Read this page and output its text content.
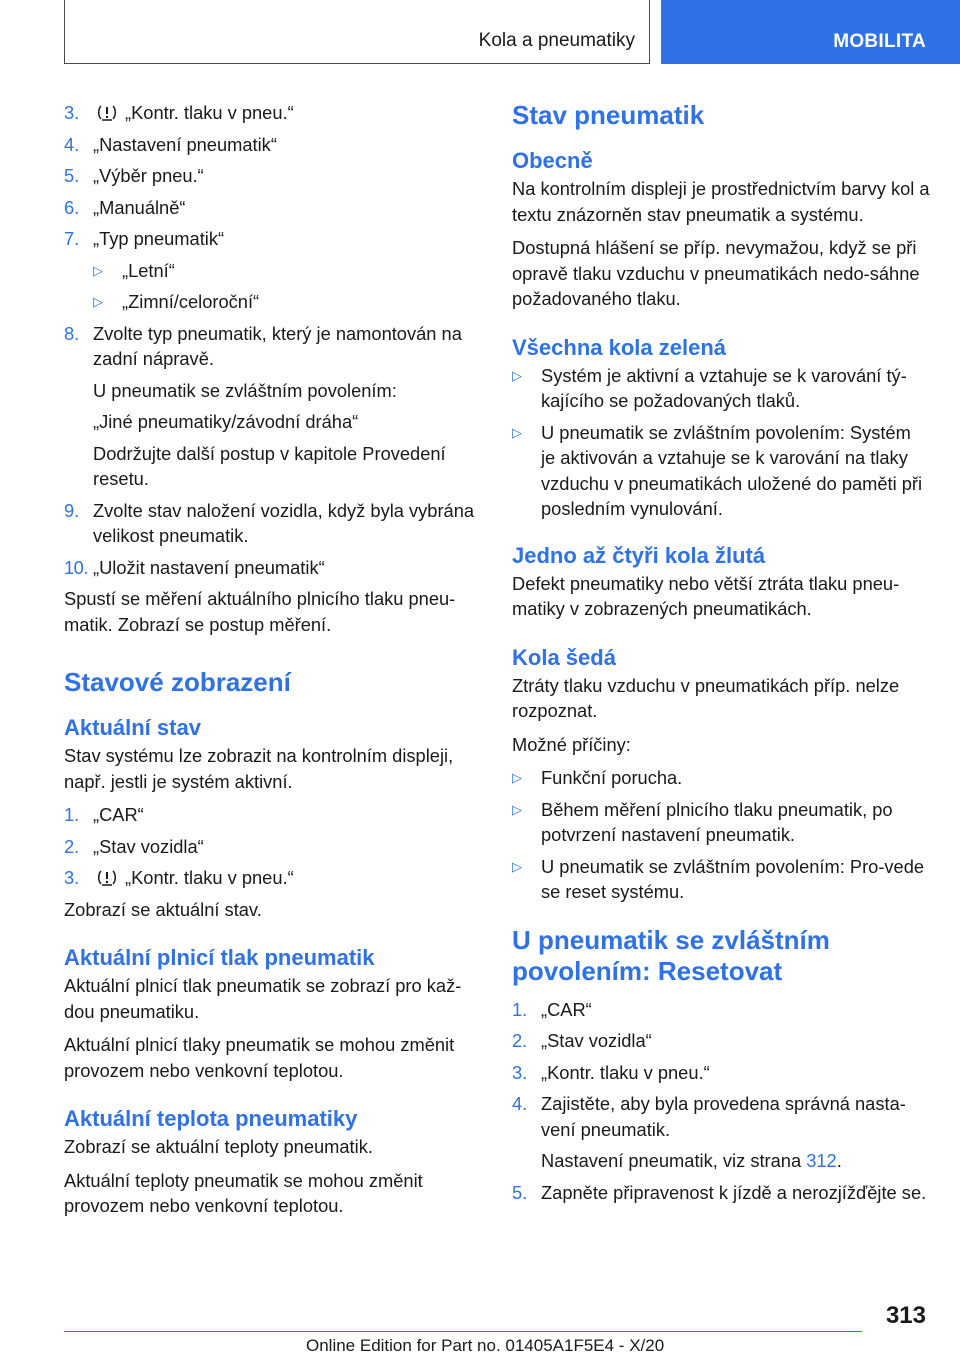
Kola a pneumatiky	MOBILITA
3.	„Kontr. tlaku v pneu.“
4. „Nastavení pneumatik“
5. „Výběr pneu.“
6. „Manuálně“
7. „Typ pneumatik“
▷	„Letní“
▷	„Zimní/celoroční“
8. Zvolte typ pneumatik, který je namontován na zadní nápravě.
U pneumatik se zvláštním povolením:
„Jiné pneumatiky/závodní dráha“
Dodržujte další postup v kapitole Provedení resetu.
9. Zvolte stav naložení vozidla, když byla vybrána velikost pneumatik.
10. „Uložit nastavení pneumatik“

Spustí se měření aktuálního plnicího tlaku pneu‐matik. Zobrazí se postup měření.

Stavové zobrazení
Aktuální stav

Stav systému lze zobrazit na kontrolním displeji, např. jestli je systém aktivní.

1. „CAR“
2. „Stav vozidla“
3.	„Kontr. tlaku v pneu.“

Zobrazí se aktuální stav.

Aktuální plnicí tlak pneumatik

Aktuální plnicí tlak pneumatik se zobrazí pro kaž‐dou pneumatiku.

Aktuální plnicí tlaky pneumatik se mohou změnit provozem nebo venkovní teplotou.

Aktuální teplota pneumatiky

Zobrazí se aktuální teploty pneumatik.

Aktuální teploty pneumatik se mohou změnit provozem nebo venkovní teplotou.

Stav pneumatik
Obecně

Na kontrolním displeji je prostřednictvím barvy kol a textu znázorněn stav pneumatik a systému.

Dostupná hlášení se příp. nevymažou, když se při opravě tlaku vzduchu v pneumatikách nedo‐sáhne požadovaného tlaku.

Všechna kola zelená
▷	Systém je aktivní a vztahuje se k varování tý‐kajícího se požadovaných tlaků.
▷	U pneumatik se zvláštním povolením: Systém je aktivován a vztahuje se k varování na tlaky vzduchu v pneumatikách uložené do paměti při posledním vynulování.
Jedno až čtyři kola žlutá

Defekt pneumatiky nebo větší ztráta tlaku pneu‐matiky v zobrazených pneumatikách.

Kola šedá

Ztráty tlaku vzduchu v pneumatikách příp. nelze rozpoznat.

Možné příčiny:

▷	Funkční porucha.
▷	Během měření plnicího tlaku pneumatik, po potvrzení nastavení pneumatik.
▷	U pneumatik se zvláštním povolením: Pro‐vede se reset systému.
U pneumatik se zvláštním povolením: Resetovat
1. „CAR“
2. „Stav vozidla“
3. „Kontr. tlaku v pneu.“
4. Zajistěte, aby byla provedena správná nasta‐vení pneumatik.
Nastavení pneumatik, viz strana 312.
5. Zapněte připravenost k jízdě a nerozjížďějte se.
313
Online Edition for Part no. 01405A1F5E4 - X/20
